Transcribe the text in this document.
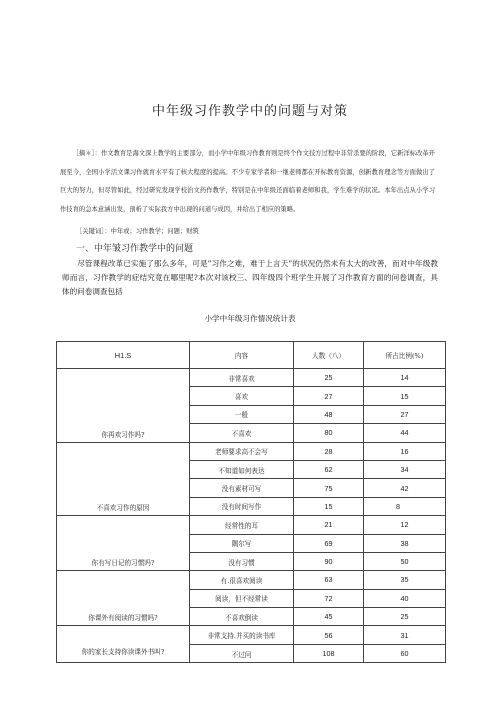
中年级习作教学中的问题与对策

［摘＊］：作文教育是海文深上教学的主要部分，而小学中年级习作教育则是终个作文技方过程中非常杀要的阶段，它新洋标改革开展至今，全国小学活文课习作就育水平有了核大程度的提高。不少专家学者和一继老师都在开标教育资源，创新教育理念等方面做出了巨大的努力，但尽管如此，经过研究发现学校治文药作教学，特别是在中年级还面临着老师和我，学生难学的状况。本年出点从小学习作技育的急本意涵出发，剖析了实际我方中出现的问道与成因，并给出了相应的策略。

［关键词］：中年或；习作教学；问题；财筑
一、中年皱习作教学中的问题

尽管课程改革已实施了那么多年，可是”习作之难，难于上言天”的状况仍然未有太大的改善，而对中年级教师而言，习作教学的症结究竟在哪里呢?本次对该校三、四年级四个班学生开展了习作教育方面的问卷调查，具体的问卷调查包括

小学中年级习作情况统计表
H1.S	内容	人数（八）	所占比例(%)
你再欢习作吗?	非常喜欢	25	14
	喜欢	27	15
	一般	48	27
	不喜欢	80	44
不喜欢习作的原因	老师要求高不会写	28	16
	不知道如何表达	62	34
	没有素材可写	75	42
	没有时间写作	15	8
你有写日记的习惯吗?	经常性的耳	21	12
	隅尔写	69	38
	没有习惯	90	50
你课外有阅读的习惯吗?	有.很喜欢阅读	63	35
	阅读，但不经常读	72	40
	不喜欢倒读	45	25
你的家长支持你读课外书叫?	非常支持.并买的读书库	56	31
	不过问	108	60
